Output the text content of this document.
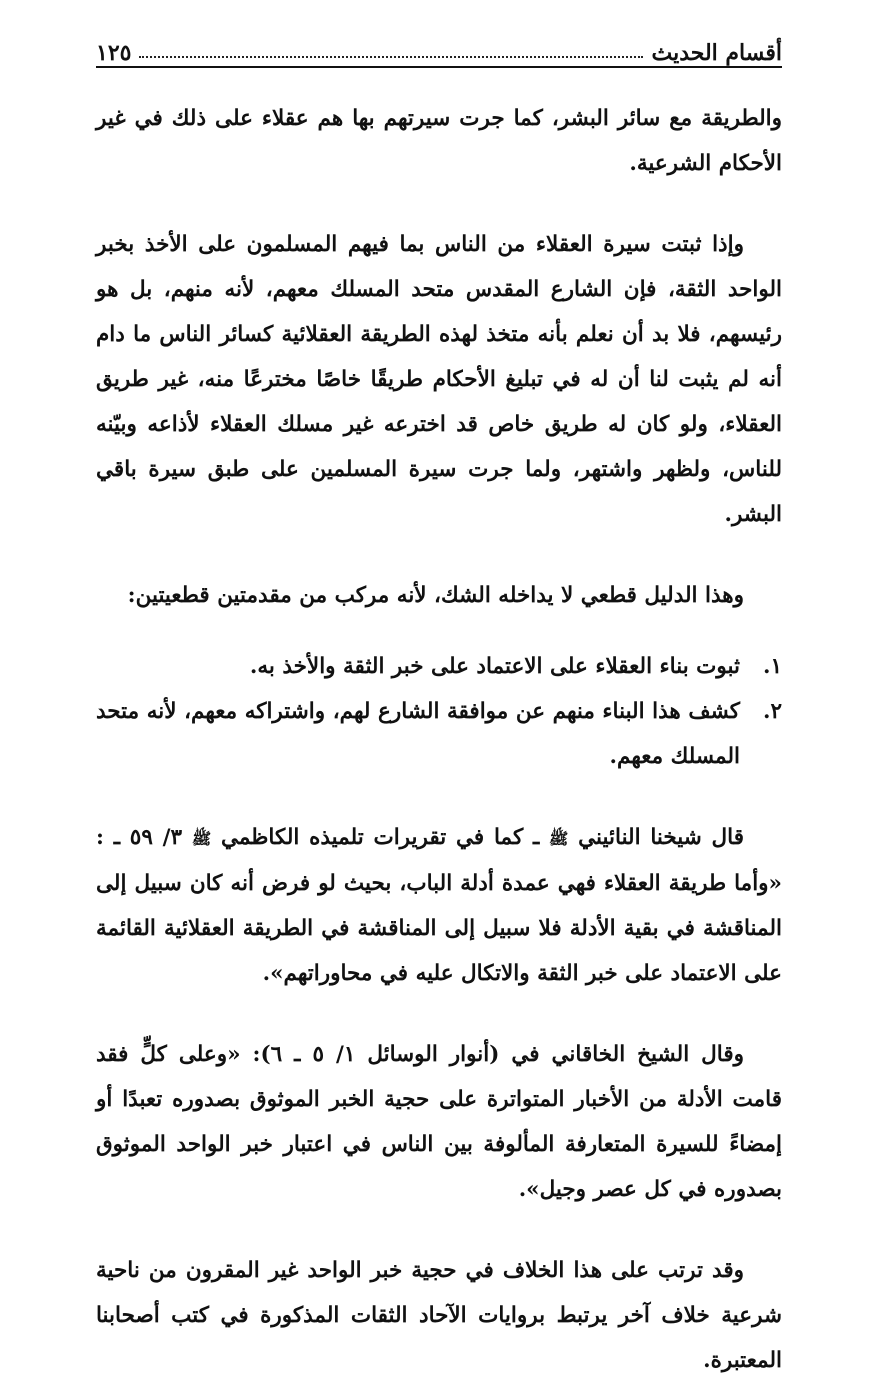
أقسام الحديث
١٢٥

والطريقة مع سائر البشر، كما جرت سيرتهم بها هم عقلاء على ذلك في غير الأحكام الشرعية.

وإذا ثبتت سيرة العقلاء من الناس بما فيهم المسلمون على الأخذ بخبر الواحد الثقة، فإن الشارع المقدس متحد المسلك معهم، لأنه منهم، بل هو رئيسهم، فلا بد أن نعلم بأنه متخذ لهذه الطريقة العقلائية كسائر الناس ما دام أنه لم يثبت لنا أن له في تبليغ الأحكام طريقًا خاصًا مخترعًا منه، غير طريق العقلاء، ولو كان له طريق خاص قد اخترعه غير مسلك العقلاء لأذاعه وبيّنه للناس، ولظهر واشتهر، ولما جرت سيرة المسلمين على طبق سيرة باقي البشر.

وهذا الدليل قطعي لا يداخله الشك، لأنه مركب من مقدمتين قطعيتين:

١.
ثبوت بناء العقلاء على الاعتماد على خبر الثقة والأخذ به.
٢.
كشف هذا البناء منهم عن موافقة الشارع لهم، واشتراكه معهم، لأنه متحد المسلك معهم.

قال شيخنا النائيني ﷺ ـ كما في تقريرات تلميذه الكاظمي ﷺ ٣/ ٥٩ ـ : «وأما طريقة العقلاء فهي عمدة أدلة الباب، بحيث لو فرض أنه كان سبيل إلى المناقشة في بقية الأدلة فلا سبيل إلى المناقشة في الطريقة العقلائية القائمة على الاعتماد على خبر الثقة والاتكال عليه في محاوراتهم».

وقال الشيخ الخاقاني في (أنوار الوسائل ١/ ٥ ـ ٦): «وعلى كلٍّ فقد قامت الأدلة من الأخبار المتواترة على حجية الخبر الموثوق بصدوره تعبدًا أو إمضاءً للسيرة المتعارفة المألوفة بين الناس في اعتبار خبر الواحد الموثوق بصدوره في كل عصر وجيل».

وقد ترتب على هذا الخلاف في حجية خبر الواحد غير المقرون من ناحية شرعية خلاف آخر يرتبط بروايات الآحاد الثقات المذكورة في كتب أصحابنا المعتبرة.
